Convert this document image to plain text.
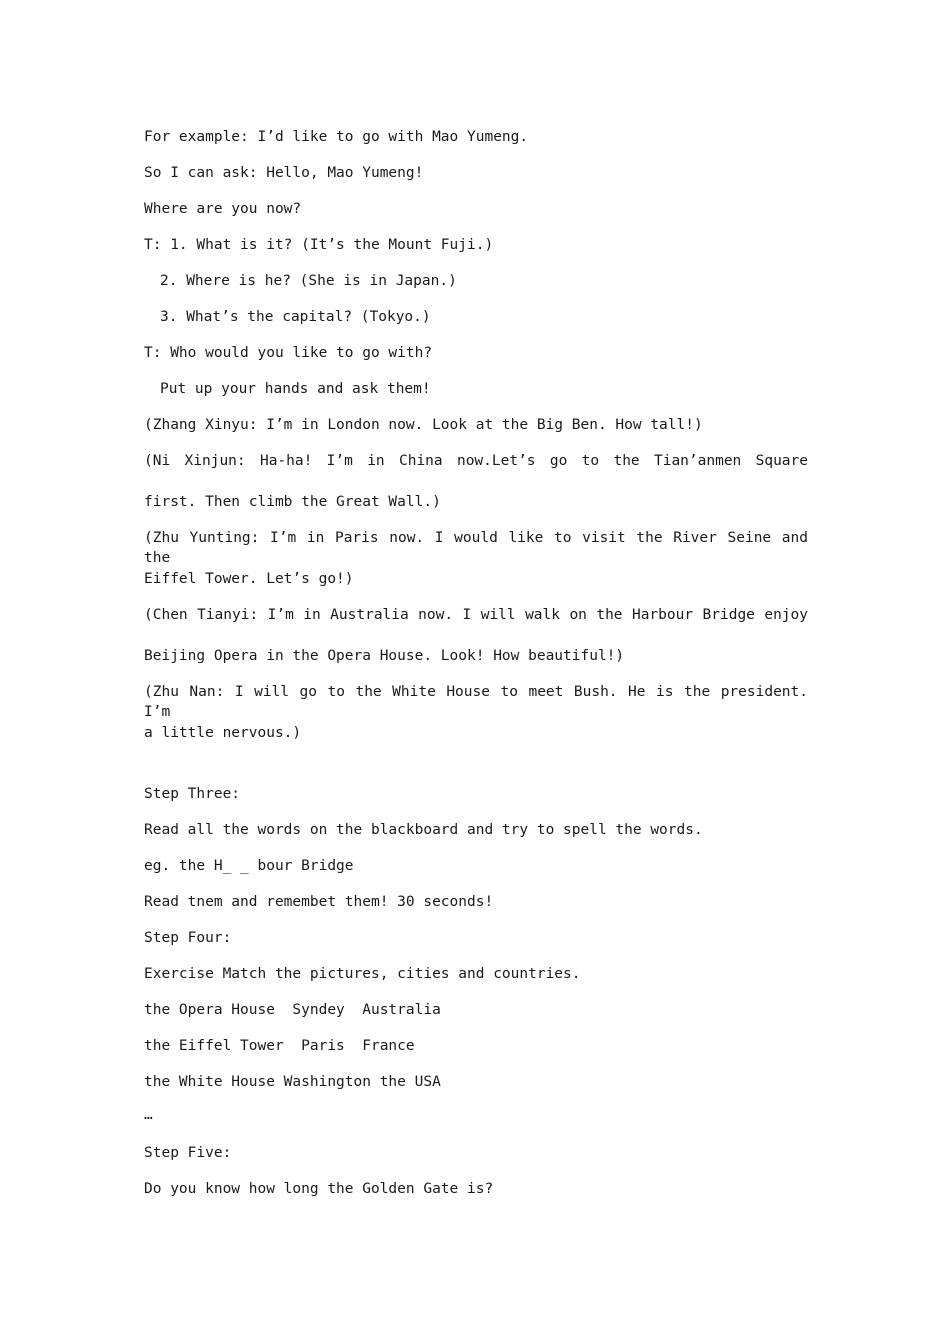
For example: I’d like to go with Mao Yumeng.
So I can ask: Hello, Mao Yumeng!
Where are you now?
T: 1. What is it? (It’s the Mount Fuji.)
2. Where is he? (She is in Japan.)
3. What’s the capital? (Tokyo.)
T: Who would you like to go with?
Put up your hands and ask them!
(Zhang Xinyu: I’m in London now. Look at the Big Ben. How tall!)
(Ni Xinjun: Ha-ha! I’m in China now.Let’s go to the Tian’anmen Square
first. Then climb the Great Wall.)
(Zhu Yunting: I’m in Paris now. I would like to visit the River Seine and the
Eiffel Tower. Let’s go!)
(Chen Tianyi: I’m in Australia now. I will walk on the Harbour Bridge enjoy
Beijing Opera in the Opera House. Look! How beautiful!)
(Zhu Nan: I will go to the White House to meet Bush. He is the president. I’m
a little nervous.)
Step Three:
Read all the words on the blackboard and try to spell the words.
eg. the H_ _ bour Bridge
Read tnem and remembet them! 30 seconds!
Step Four:
Exercise Match the pictures, cities and countries.
the Opera House  Syndey  Australia
the Eiffel Tower  Paris  France
the White House Washington the USA
…
Step Five:
Do you know how long the Golden Gate is?
